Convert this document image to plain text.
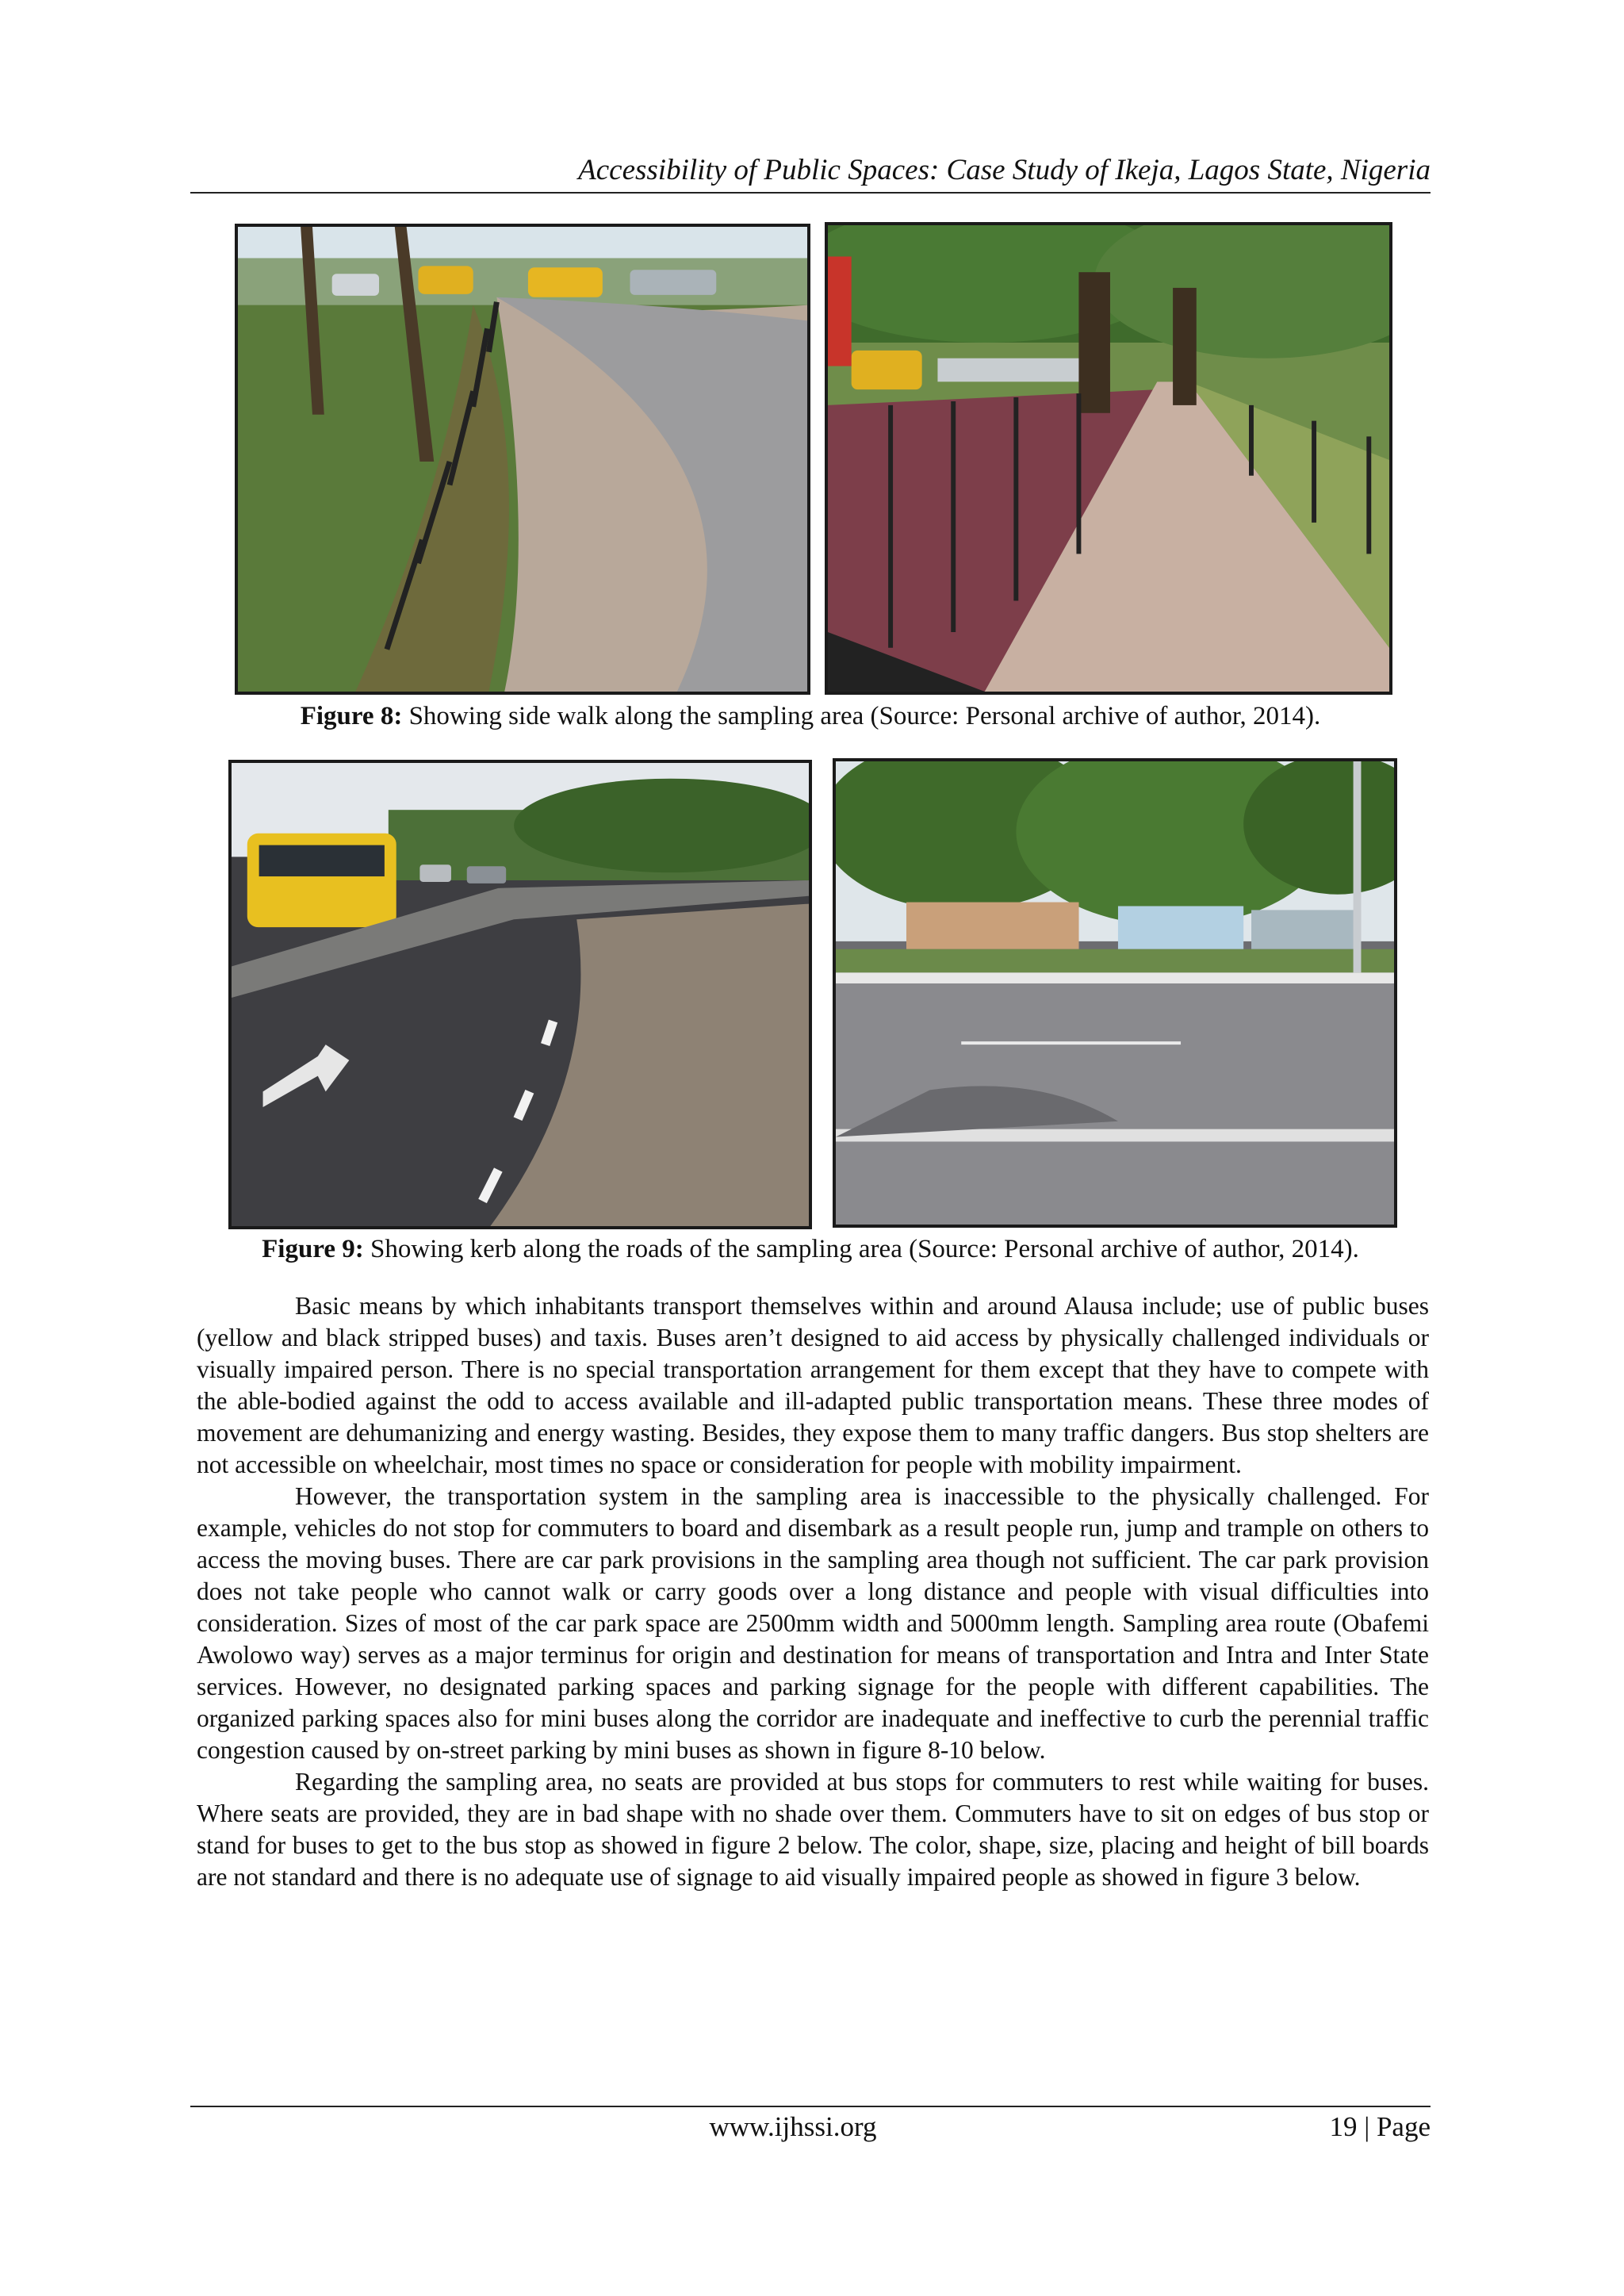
Accessibility of Public Spaces: Case Study of Ikeja, Lagos State, Nigeria
Figure 8: Showing side walk along the sampling area (Source: Personal archive of author, 2014).
Figure 9: Showing kerb along the roads of the sampling area (Source: Personal archive of author, 2014).

Basic means by which inhabitants transport themselves within and around Alausa include; use of public buses (yellow and black stripped buses) and taxis. Buses aren’t designed to aid access by physically challenged individuals or visually impaired person. There is no special transportation arrangement for them except that they have to compete with the able-bodied against the odd to access available and ill-adapted public transportation means. These three modes of movement are dehumanizing and energy wasting. Besides, they expose them to many traffic dangers. Bus stop shelters are not accessible on wheelchair, most times no space or consideration for people with mobility impairment.

However, the transportation system in the sampling area is inaccessible to the physically challenged. For example, vehicles do not stop for commuters to board and disembark as a result people run, jump and trample on others to access the moving buses. There are car park provisions in the sampling area though not sufficient. The car park provision does not take people who cannot walk or carry goods over a long distance and people with visual difficulties into consideration. Sizes of most of the car park space are 2500mm width and 5000mm length. Sampling area route (Obafemi Awolowo way) serves as a major terminus for origin and destination for means of transportation and Intra and Inter State services. However, no designated parking spaces and parking signage for the people with different capabilities. The organized parking spaces also for mini buses along the corridor are inadequate and ineffective to curb the perennial traffic congestion caused by on-street parking by mini buses as shown in figure 8-10 below.

Regarding the sampling area, no seats are provided at bus stops for commuters to rest while waiting for buses. Where seats are provided, they are in bad shape with no shade over them. Commuters have to sit on edges of bus stop or stand for buses to get to the bus stop as showed in figure 2 below. The color, shape, size, placing and height of bill boards are not standard and there is no adequate use of signage to aid visually impaired people as showed in figure 3 below.

www.ijhssi.org	19 | Page
